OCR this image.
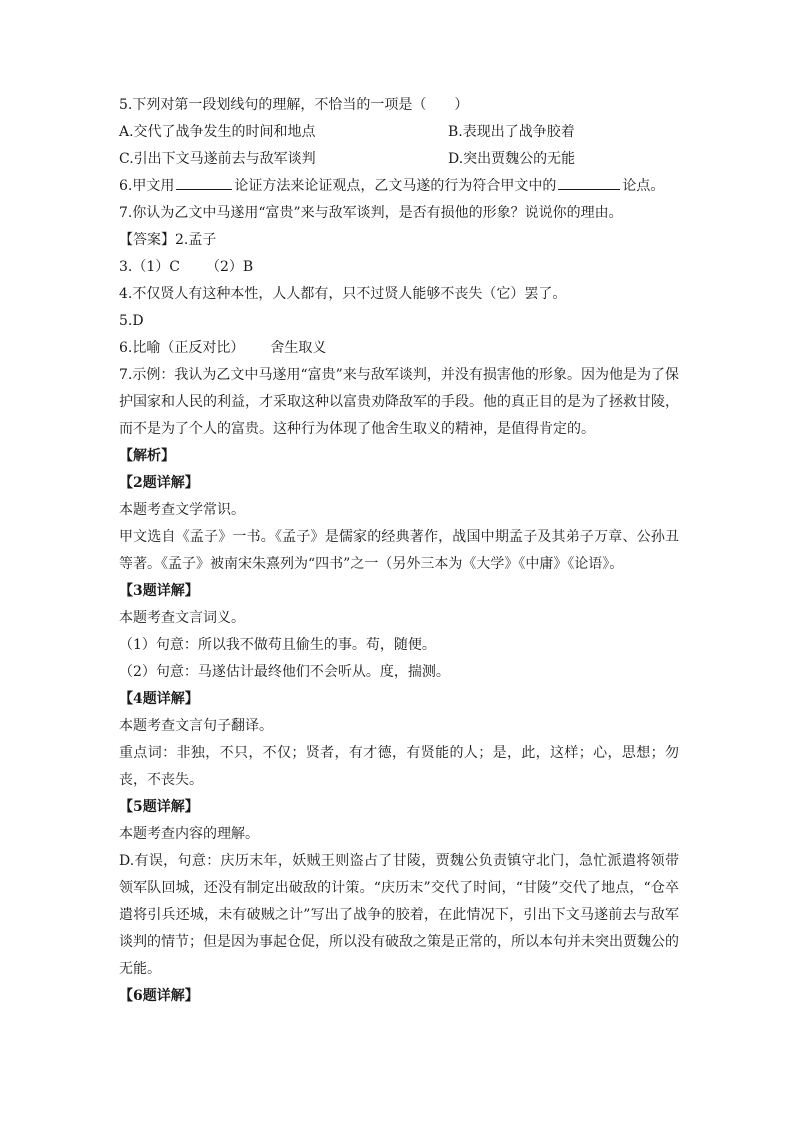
5.下列对第一段划线句的理解，不恰当的一项是（　　）
A.交代了战争发生的时间和地点	B.表现出了战争胶着
C.引出下文马遂前去与敌军谈判	D.突出贾魏公的无能
6.甲文用	论证方法来论证观点，乙文马遂的行为符合甲文中的	论点。
7.你认为乙文中马遂用“富贵”来与敌军谈判，是否有损他的形象？说说你的理由。
【答案】2.孟子
3.（1）C （2）B
4.不仅贤人有这种本性，人人都有，只不过贤人能够不丧失（它）罢了。
5.D
6.比喻（正反对比） 舍生取义
7.示例：我认为乙文中马遂用“富贵”来与敌军谈判，并没有损害他的形象。因为他是为了保护国家和人民的利益，才采取这种以富贵劝降敌军的手段。他的真正目的是为了拯救甘陵，而不是为了个人的富贵。这种行为体现了他舍生取义的精神，是值得肯定的。
【解析】
【2题详解】
本题考查文学常识。
甲文选自《孟子》一书。《孟子》是儒家的经典著作，战国中期孟子及其弟子万章、公孙丑等著。《孟子》被南宋朱熹列为“四书”之一（另外三本为《大学》《中庸》《论语》。
【3题详解】
本题考查文言词义。
（1）句意：所以我不做苟且偷生的事。苟，随便。
（2）句意：马遂估计最终他们不会听从。度，揣测。
【4题详解】
本题考查文言句子翻译。
重点词：非独，不只，不仅；贤者，有才德，有贤能的人；是，此，这样；心，思想；勿丧，不丧失。
【5题详解】
本题考查内容的理解。
D.有误，句意：庆历末年，妖贼王则盗占了甘陵，贾魏公负责镇守北门，急忙派遣将领带领军队回城，还没有制定出破敌的计策。“庆历末”交代了时间，“甘陵”交代了地点，“仓卒遣将引兵还城，未有破贼之计”写出了战争的胶着，在此情况下，引出下文马遂前去与敌军谈判的情节；但是因为事起仓促，所以没有破敌之策是正常的，所以本句并未突出贾魏公的无能。
【6题详解】
